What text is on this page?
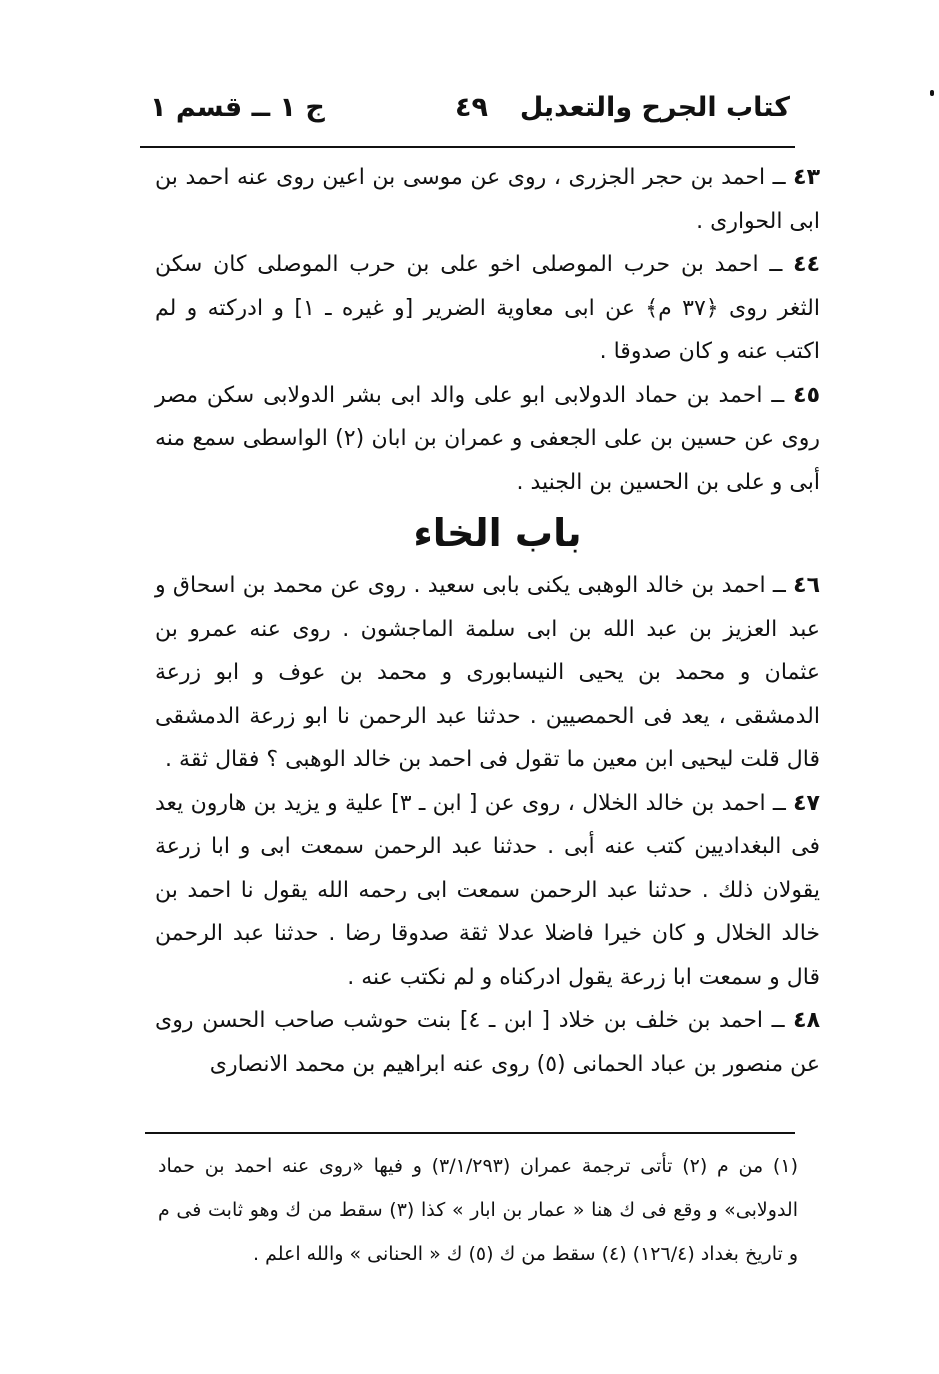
كتاب الجرح والتعديل
٤٩
ج ١ ــ قسم ١

٤٣ ــ احمد بن حجر الجزرى ، روى عن موسى بن اعين روى عنه احمد بن ابى الحوارى .

٤٤ ــ احمد بن حرب الموصلى اخو على بن حرب الموصلى كان سكن الثغر روى ﴿٣٧ م﴾ عن ابى معاوية الضرير [و غيره ـ ١] و ادركته و لم اكتب عنه و كان صدوقا .

٤٥ ــ احمد بن حماد الدولابى ابو على والد ابى بشر الدولابى سكن مصر روى عن حسين بن على الجعفى و عمران بن ابان (٢) الواسطى سمع منه أبى و على بن الحسين بن الجنيد .

باب الخاء

٤٦ ــ احمد بن خالد الوهبى يكنى بابى سعيد . روى عن محمد بن اسحاق و عبد العزيز بن عبد الله بن ابى سلمة الماجشون . روى عنه عمرو بن عثمان و محمد بن يحيى النيسابورى و محمد بن عوف و ابو زرعة الدمشقى ، يعد فى الحمصيين . حدثنا عبد الرحمن نا ابو زرعة الدمشقى قال قلت ليحيى ابن معين ما تقول فى احمد بن خالد الوهبى ؟ فقال ثقة .

٤٧ ــ احمد بن خالد الخلال ، روى عن [ ابن ـ ٣] علية و يزيد بن هارون يعد فى البغداديين كتب عنه أبى . حدثنا عبد الرحمن سمعت ابى و ابا زرعة يقولان ذلك . حدثنا عبد الرحمن سمعت ابى رحمه الله يقول نا احمد بن خالد الخلال و كان خيرا فاضلا عدلا ثقة صدوقا رضا . حدثنا عبد الرحمن قال و سمعت ابا زرعة يقول ادركناه و لم نكتب عنه .

٤٨ ــ احمد بن خلف بن خلاد [ ابن ـ ٤] بنت حوشب صاحب الحسن روى عن منصور بن عباد الحمانى (٥) روى عنه ابراهيم بن محمد الانصارى

(١) من م (٢) تأتى ترجمة عمران (٣/١/٢٩٣) و فيها «روى عنه احمد بن حماد الدولابى» و وقع فى ك هنا « عمار بن ابار » كذا (٣) سقط من ك وهو ثابت فى م و تاريخ بغداد (١٢٦/٤) (٤) سقط من ك (٥) ك « الحنانى » والله اعلم .
